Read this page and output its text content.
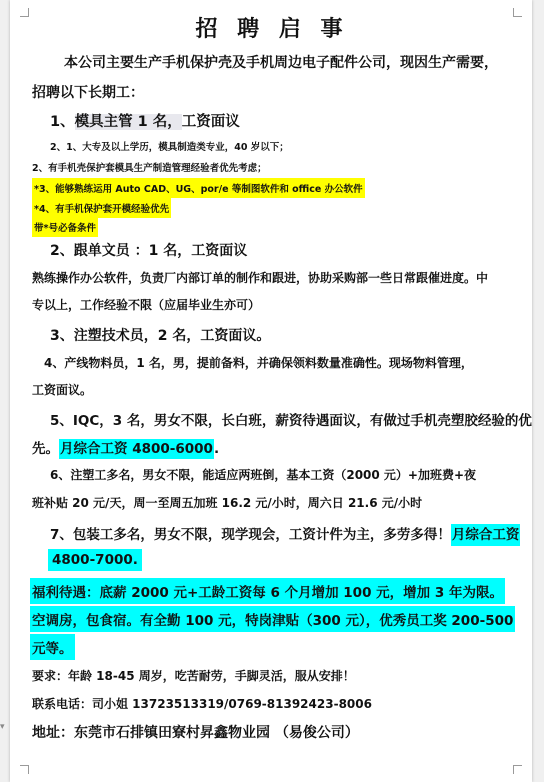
▾
招 聘 启 事
本公司主要生产手机保护壳及手机周边电子配件公司，现因生产需要，
招聘以下长期工：
1、模具主管 1 名，工资面议
2、1、大专及以上学历，模具制造类专业，40 岁以下；
2、有手机壳保护套模具生产制造管理经验者优先考虑；
*3、能够熟练运用 Auto CAD、UG、por/e 等制图软件和 office 办公软件
*4、有手机保护套开模经验优先
带*号必备条件
2、跟单文员 ：1 名，工资面议
熟练操作办公软件，负责厂内部订单的制作和跟进，协助采购部一些日常跟催进度。中
专以上，工作经验不限（应届毕业生亦可）
3、注塑技术员，2 名，工资面议。
4、产线物料员，1 名，男，提前备料，并确保领料数量准确性。现场物料管理，
工资面议。
5、IQC，3 名，男女不限，长白班，薪资待遇面议，有做过手机壳塑胶经验的优
先。月综合工资 4800-6000.
6、注塑工多名，男女不限，能适应两班倒，基本工资（2000 元）+加班费+夜
班补贴 20 元/天，周一至周五加班 16.2 元/小时，周六日 21.6 元/小时
7、包装工多名，男女不限，现学现会，工资计件为主，多劳多得！月综合工资
4800-7000.
福利待遇：底薪 2000 元+工龄工资每 6 个月增加 100 元，增加 3 年为限。
空调房，包食宿。有全勤 100 元，特岗津贴（300 元），优秀员工奖 200-500
元等。
要求：年龄 18-45 周岁，吃苦耐劳，手脚灵活，服从安排！
联系电话：司小姐 13723513319/0769-81392423-8006
地址：东莞市石排镇田寮村昇鑫物业园 （易俊公司）
